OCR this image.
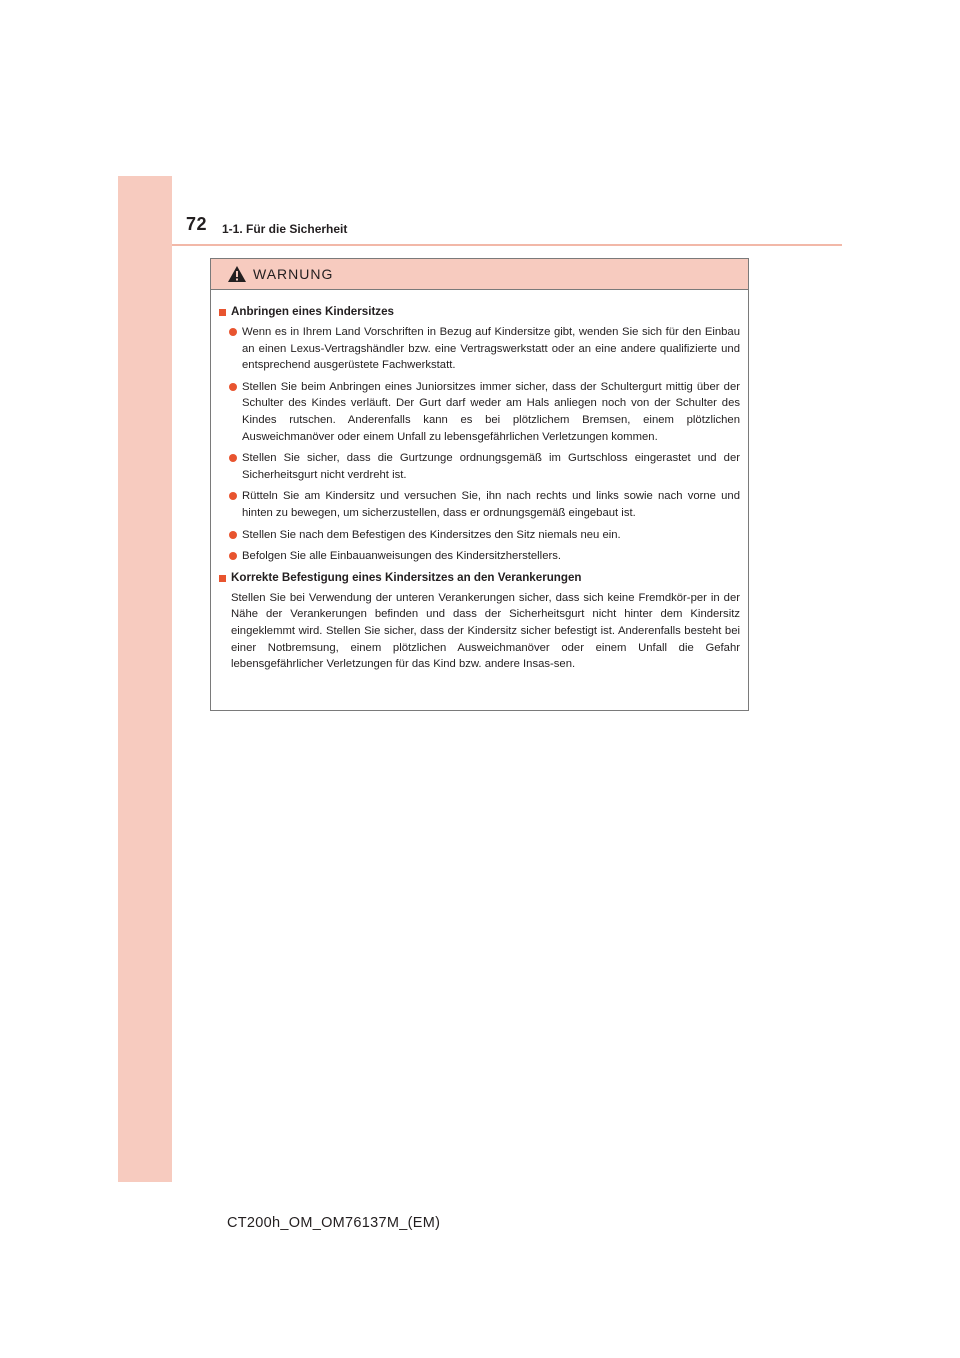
72 1-1. Für die Sicherheit
WARNUNG
Anbringen eines Kindersitzes

Wenn es in Ihrem Land Vorschriften in Bezug auf Kindersitze gibt, wenden Sie sich für den Einbau an einen Lexus-Vertragshändler bzw. eine Vertragswerkstatt oder an eine andere qualifizierte und entsprechend ausgerüstete Fachwerkstatt.

Stellen Sie beim Anbringen eines Juniorsitzes immer sicher, dass der Schultergurt mittig über der Schulter des Kindes verläuft. Der Gurt darf weder am Hals anliegen noch von der Schulter des Kindes rutschen. Anderenfalls kann es bei plötzlichem Bremsen, einem plötzlichen Ausweichmanöver oder einem Unfall zu lebensgefährlichen Verletzungen kommen.

Stellen Sie sicher, dass die Gurtzunge ordnungsgemäß im Gurtschloss eingerastet und der Sicherheitsgurt nicht verdreht ist.

Rütteln Sie am Kindersitz und versuchen Sie, ihn nach rechts und links sowie nach vorne und hinten zu bewegen, um sicherzustellen, dass er ordnungsgemäß eingebaut ist.

Stellen Sie nach dem Befestigen des Kindersitzes den Sitz niemals neu ein.

Befolgen Sie alle Einbauanweisungen des Kindersitzherstellers.

Korrekte Befestigung eines Kindersitzes an den Verankerungen

Stellen Sie bei Verwendung der unteren Verankerungen sicher, dass sich keine Fremdkör-per in der Nähe der Verankerungen befinden und dass der Sicherheitsgurt nicht hinter dem Kindersitz eingeklemmt wird. Stellen Sie sicher, dass der Kindersitz sicher befestigt ist. Anderenfalls besteht bei einer Notbremsung, einem plötzlichen Ausweichmanöver oder einem Unfall die Gefahr lebensgefährlicher Verletzungen für das Kind bzw. andere Insas-sen.

CT200h_OM_OM76137M_(EM)
